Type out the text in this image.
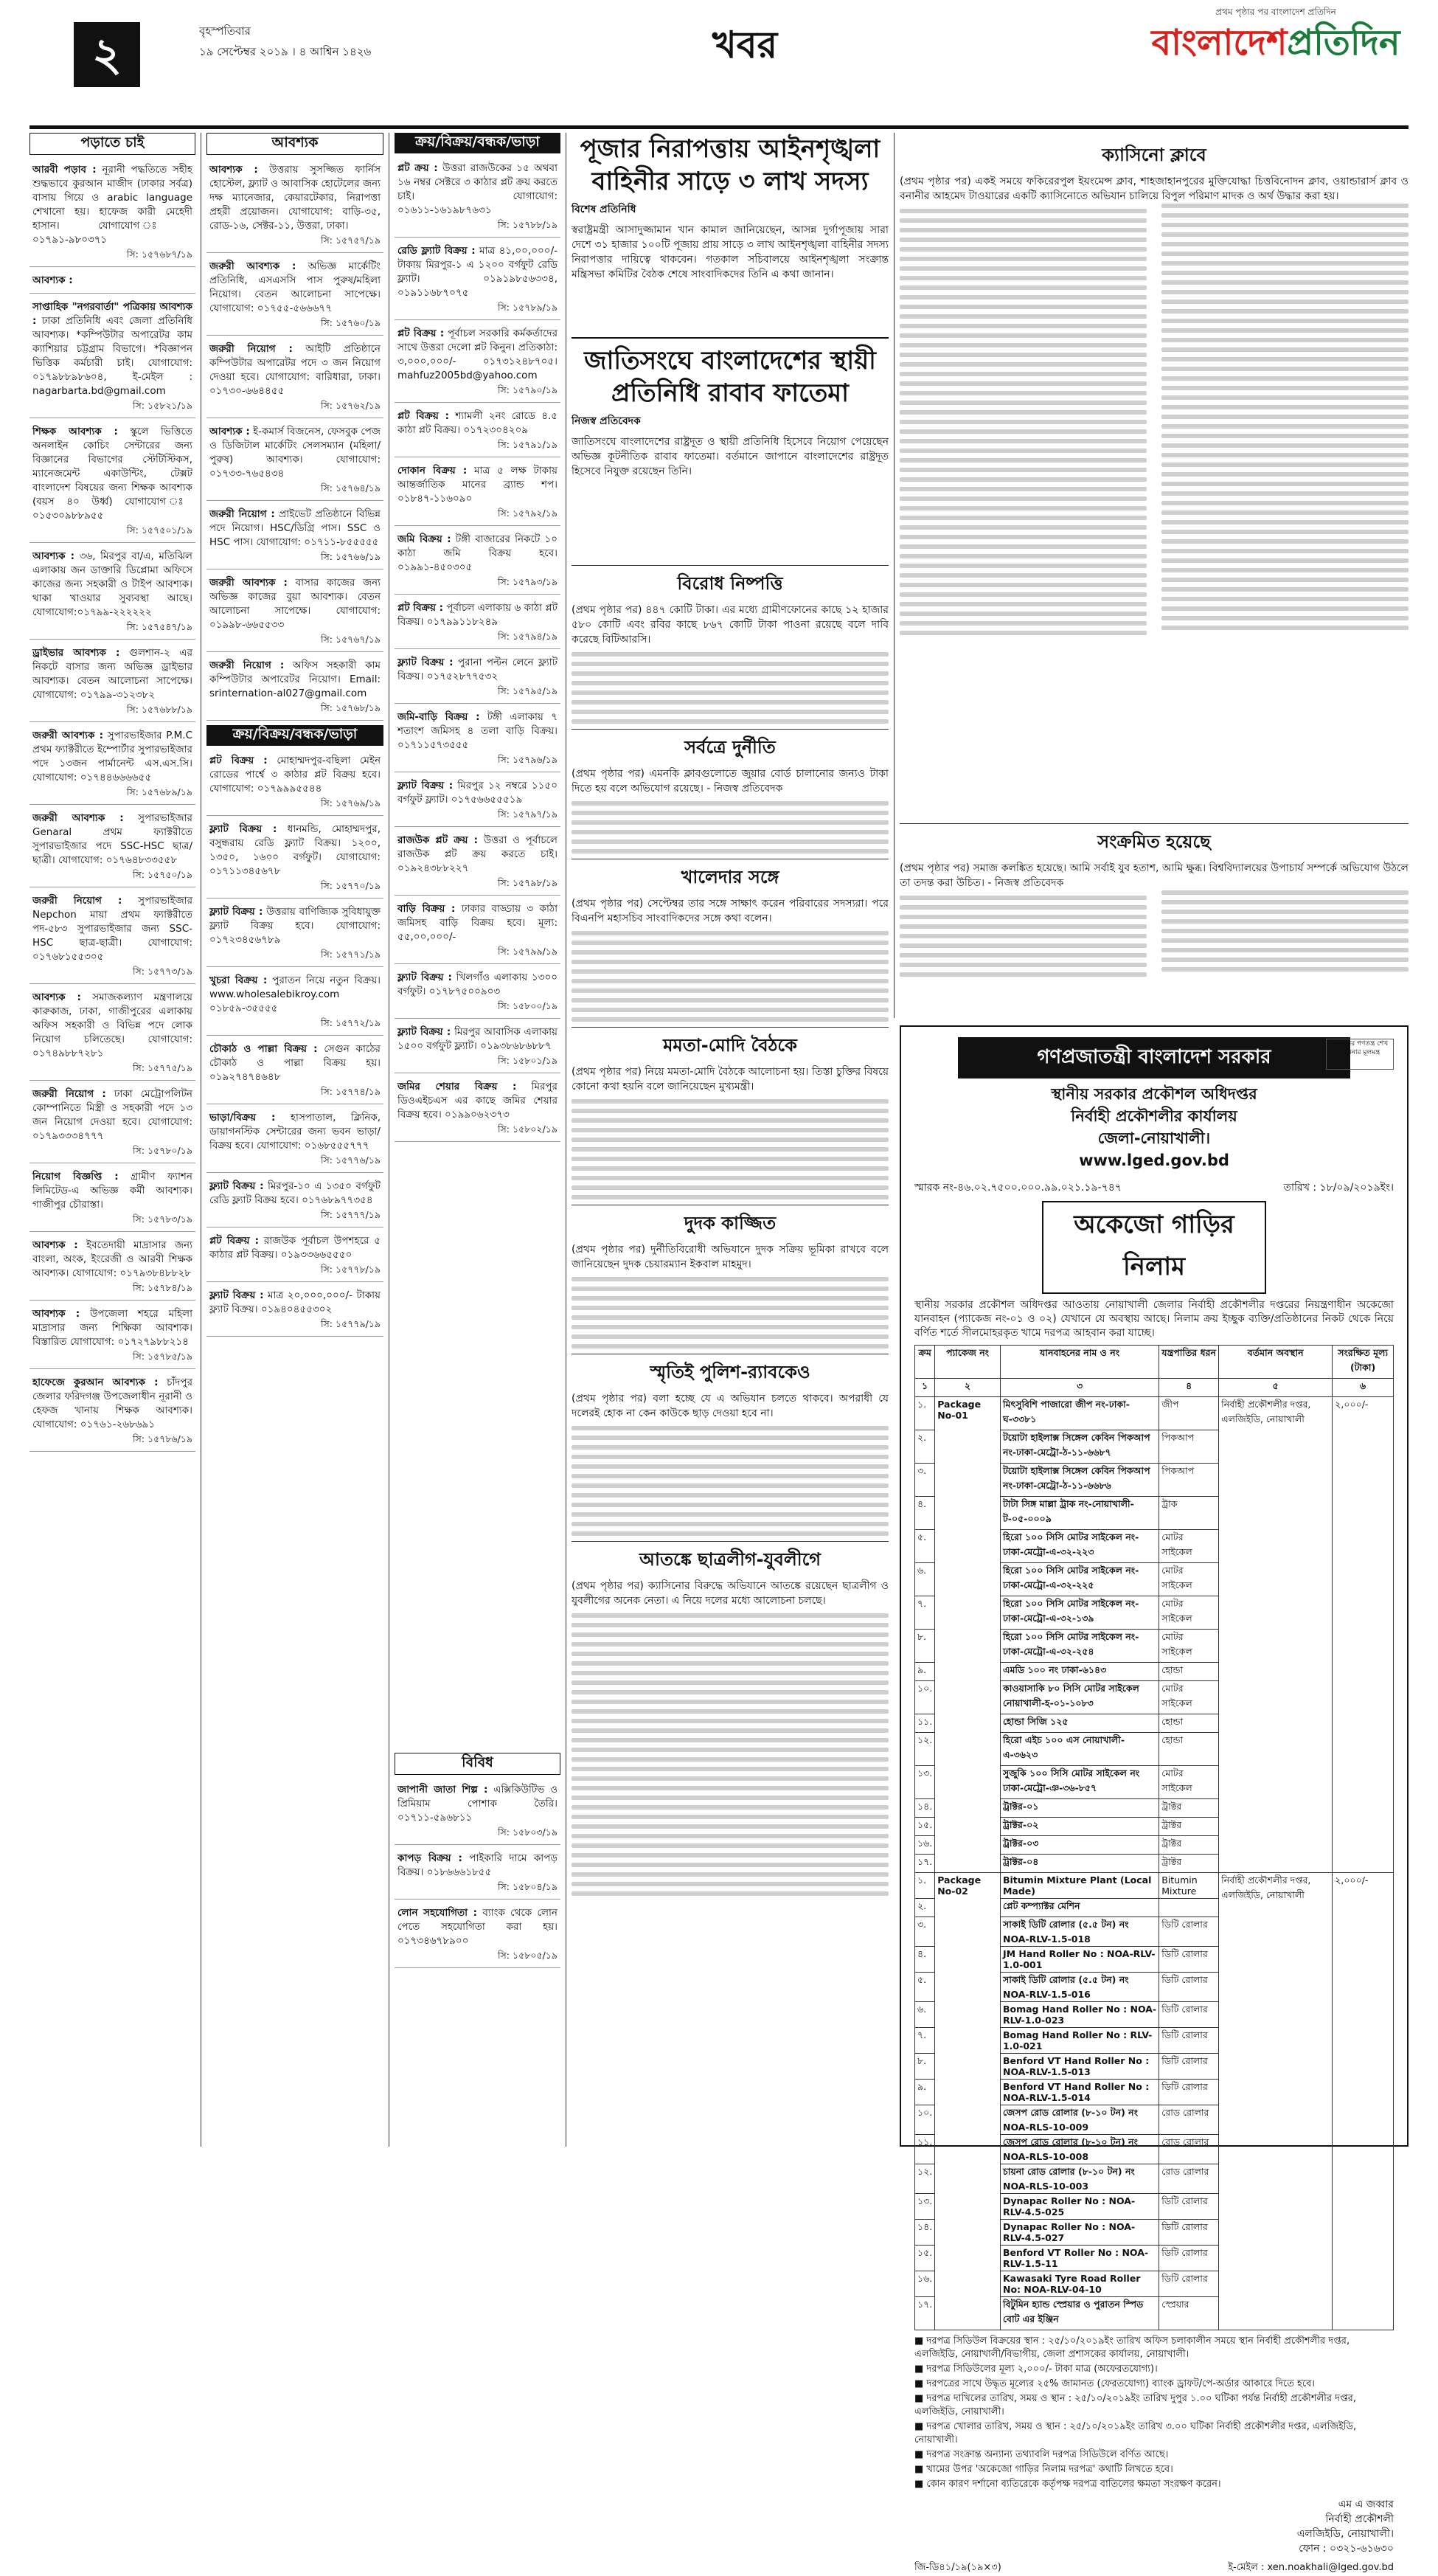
২	বৃহস্পতিবার
১৯ সেপ্টেম্বর ২০১৯ । ৪ আশ্বিন ১৪২৬	খবর
প্রথম পৃষ্ঠার পর বাংলাদেশ প্রতিদিন
বাংলাদেশপ্রতিদিন
পড়াতে চাই
আরবী পড়াব : নূরানী পদ্ধতিতে সহীহ শুদ্ধভাবে কুরআন মাজীদ (ঢাকার সর্বত্র) বাসায় গিয়ে ও arabic language শেখানো হয়। হাফেজ কারী মেহেদী হাসান। যোগাযোগ ঃ ০১৭৯১-৯৮০৩৭১
সি: ১৫৭৬৮৭/১৯
আবশ্যক :
সাপ্তাহিক "নগরবার্তা" পত্রিকায় আবশ্যক : ঢাকা প্রতিনিধি এবং জেলা প্রতিনিধি আবশ্যক। *কম্পিউটার অপারেটর কাম ক্যাশিয়ার চট্টগ্রাম বিভাগে। *বিজ্ঞাপন ভিত্তিক কর্মচারী চাই। যোগাযোগ: ০১৭৯৮৮৯৮৬০৪, ই-মেইল : nagarbarta.bd@gmail.com
সি: ১৫৮২১/১৯
শিক্ষক আবশ্যক : স্কুলে ভিত্তিতে অনলাইন কোচিং সেন্টারের জন্য বিজ্ঞানের বিভাগের স্টেটিস্টিকস, ম্যানেজমেন্ট একাউন্টিং, টেক্সট বাংলাদেশ বিষয়ের জন্য শিক্ষক আবশ্যক (বয়স ৪০ উর্ধ্ব) যোগাযোগ ঃ ০১৫৩০৯৮৮৯৫৫
সি: ১৫৭৫০১/১৯
আবশ্যক : ৩৬, মিরপুর বা/এ, মতিঝিল এলাকায় জন ডাক্তারি ডিপ্লোমা অফিসে কাজের জন্য সহকারী ও টাইপ আবশ্যক। থাকা খাওয়ার সুব্যবস্থা আছে। যোগাযোগ:০১৭৯৯-২২২২২২
সি: ১৫৭৫৪৭/১৯
ড্রাইভার আবশ্যক : গুলশান-২ এর নিকটে বাসার জন্য অভিজ্ঞ ড্রাইভার আবশ্যক। বেতন আলোচনা সাপেক্ষে। যোগাযোগ: ০১৭৯৯-৩১২৩৮২
সি: ১৫৭৬৮৮/১৯
জরুরী আবশ্যক : সুপারভাইজার P.M.C প্রথম ফ্যাক্টরীতে ইম্পোর্টার সুপারভাইজার পদে ১৩জন পার্মানেন্ট এস.এস.সি। যোগাযোগ: ০১৭৪৪৬৬৬৬৫৫
সি: ১৫৭৬৮৯/১৯
জরুরী আবশ্যক : সুপারভাইজার Genaral প্রথম ফ্যাক্টরীতে সুপারভাইজার পদে SSC-HSC ছাত্র/ছাত্রী। যোগাযোগ: ০১৭৬৪৮৩৩৫৫৮
সি: ১৫৭৫০/১৯
জরুরী নিয়োগ : সুপারভাইজার Nepchon মায়া প্রথম ফ্যাক্টরীতে পদ-৫৮৩ সুপারভাইজার জন্য SSC-HSC ছাত্র-ছাত্রী। যোগাযোগ: ০১৭৬৮১৫৫৩০৫
সি: ১৫৭৭৩/১৯
আবশ্যক : সমাজকল্যাণ মন্ত্রণালয়ে কারুকাজ, ঢাকা, গাজীপুরের এলাকায় অফিস সহকারী ও বিভিন্ন পদে লোক নিয়োগ চলিতেছে। যোগাযোগ: ০১৭৪৯৮৮৭২৮১
সি: ১৫৭৭৫/১৯
জরুরী নিয়োগ : ঢাকা মেট্রোপলিটন কোম্পানিতে মিস্ত্রী ও সহকারী পদে ১৩ জন নিয়োগ দেওয়া হবে। যোগাযোগ: ০১৭৯৩৩৩৪৭৭৭
সি: ১৫৭৮০/১৯
নিয়োগ বিজ্ঞপ্তি : গ্রামীণ ফ্যাশন লিমিটেড-এ অভিজ্ঞ কর্মী আবশ্যক। গাজীপুর চৌরাস্তা।
সি: ১৫৭৮৩/১৯
আবশ্যক : ইবতেদায়ী মাদ্রাসার জন্য বাংলা, অংক, ইংরেজী ও আরবী শিক্ষক আবশ্যক। যোগাযোগ: ০১৭৯৩৮৪৮৮২৮
সি: ১৫৭৮৪/১৯
আবশ্যক : উপজেলা শহরে মহিলা মাদ্রাসার জন্য শিক্ষিকা আবশ্যক। বিস্তারিত যোগাযোগ: ০১৭২৭৯৮৮২১৪
সি: ১৫৭৮৫/১৯
হাফেজে কুরআন আবশ্যক : চাঁদপুর জেলার ফরিদগঞ্জ উপজেলাধীন নূরানী ও হেফজ খানায় শিক্ষক আবশ্যক। যোগাযোগ: ০১৭৬১-২৬৮৬৯১
সি: ১৫৭৮৬/১৯
আবশ্যক
আবশ্যক : উত্তরায় সুসজ্জিত ফার্নিস হোস্টেল, ফ্ল্যাট ও আবাসিক হোটেলের জন্য দক্ষ ম্যানেজার, কেয়ারটেকার, নিরাপত্তা প্রহরী প্রয়োজন। যোগাযোগ: বাড়ি-৩৫, রোড-১৬, সেক্টর-১১, উত্তরা, ঢাকা।
সি: ১৫৭৫৭/১৯
জরুরী আবশ্যক : অভিজ্ঞ মার্কেটিং প্রতিনিধি, এসএসসি পাস পুরুষ/মহিলা নিয়োগ। বেতন আলোচনা সাপেক্ষে। যোগাযোগ: ০১৭৫৫-৫৬৬৬৭৭
সি: ১৫৭৬০/১৯
জরুরী নিয়োগ : আইটি প্রতিষ্ঠানে কম্পিউটার অপারেটর পদে ৩ জন নিয়োগ দেওয়া হবে। যোগাযোগ: বারিধারা, ঢাকা। ০১৭৩০-৬৬৪৪৫৫
সি: ১৫৭৬২/১৯
আবশ্যক : ই-কমার্স বিজনেস, ফেসবুক পেজ ও ডিজিটাল মার্কেটিং সেলসম্যান (মহিলা/পুরুষ) আবশ্যক। যোগাযোগ: ০১৭৩৩-৭৬৫৪৩৪
সি: ১৫৭৬৪/১৯
জরুরী নিয়োগ : প্রাইভেট প্রতিষ্ঠানে বিভিন্ন পদে নিয়োগ। HSC/ডিগ্রি পাস। SSC ও HSC পাস। যোগাযোগ: ০১৭১১-৮৫৫৫৫৫
সি: ১৫৭৬৬/১৯
জরুরী আবশ্যক : বাসার কাজের জন্য অভিজ্ঞ কাজের বুয়া আবশ্যক। বেতন আলোচনা সাপেক্ষে। যোগাযোগ: ০১৯৯৮-৬৬৫৫৩৩
সি: ১৫৭৬৭/১৯
জরুরী নিয়োগ : অফিস সহকারী কাম কম্পিউটার অপারেটর নিয়োগ। Email: srinternation-al027@gmail.com
সি: ১৫৭৬৮/১৯
ক্রয়/বিক্রয়/বন্ধক/ভাড়া
প্লট বিক্রয় : মোহাম্মদপুর-বছিলা মেইন রোডের পার্শ্বে ৩ কাঠার প্লট বিক্রয় হবে। যোগাযোগ: ০১৭৯৯৯৫৫৪৪
সি: ১৫৭৬৯/১৯
ফ্ল্যাট বিক্রয় : ধানমন্ডি, মোহাম্মদপুর, বসুন্ধরায় রেডি ফ্ল্যাট বিক্রয়। ১২০০, ১৩৫০, ১৬০০ বর্গফুট। যোগাযোগ: ০১৭১১৩৪৫৬৭৮
সি: ১৫৭৭০/১৯
ফ্ল্যাট বিক্রয় : উত্তরায় বাণিজ্যিক সুবিধাযুক্ত ফ্ল্যাট বিক্রয় হবে। যোগাযোগ: ০১৭২৩৪৫৬৭৮৯
সি: ১৫৭৭১/১৯
খুচরা বিক্রয় : পুরাতন নিয়ে নতুন বিক্রয়। www.wholesalebikroy.com ০১৮৫৯-৩৫৫৫৫
সি: ১৫৭৭২/১৯
চৌকাঠ ও পাল্লা বিক্রয় : সেগুন কাঠের চৌকাঠ ও পাল্লা বিক্রয় হয়। ০১৯২৭৪৭৪৬৪৮
সি: ১৫৭৭৪/১৯
ভাড়া/বিক্রয় : হাসপাতাল, ক্লিনিক, ডায়াগনস্টিক সেন্টারের জন্য ভবন ভাড়া/বিক্রয় হবে। যোগাযোগ: ০১৬৮৫৫৫৭৭৭
সি: ১৫৭৭৬/১৯
ফ্ল্যাট বিক্রয় : মিরপুর-১০ এ ১৩৫০ বর্গফুট রেডি ফ্ল্যাট বিক্রয় হবে। ০১৭৬৮৯৭৭৩৫৪
সি: ১৫৭৭৭/১৯
প্লট বিক্রয় : রাজউক পূর্বাচল উপশহরে ৫ কাঠার প্লট বিক্রয়। ০১৯৩৩৬৬৫৫৫০
সি: ১৫৭৭৮/১৯
ফ্ল্যাট বিক্রয় : মাত্র ২০,০০০,০০০/- টাকায় ফ্ল্যাট বিক্রয়। ০১৯৪০৪৫৫৩০২
সি: ১৫৭৭৯/১৯
ক্রয়/বিক্রয়/বন্ধক/ভাড়া
প্লট ক্রয় : উত্তরা রাজউকের ১৫ অথবা ১৬ নম্বর সেক্টরে ৩ কাঠার প্লট ক্রয় করতে চাই। যোগাযোগ: ০১৬১১-১৬১৯৮৭৬৩১
সি: ১৫৭৮৮/১৯
রেডি ফ্ল্যাট বিক্রয় : মাত্র ৪১,০০,০০০/- টাকায় মিরপুর-১ এ ১২০০ বর্গফুট রেডি ফ্ল্যাট। ০১৯১৯৮৫৬৩৩৪, ০১৯১১৬৮৭০৭৫
সি: ১৫৭৮৯/১৯
প্লট বিক্রয় : পূর্বাচল সরকারি কর্মকর্তাদের সাথে উত্তরা দেলো প্লট কিনুন। প্রতিকাঠা: ৩,০০০,০০০/- ০১৭৩১২৪৮৭০৫। mahfuz2005bd@yahoo.com
সি: ১৫৭৯০/১৯
প্লট বিক্রয় : শ্যামলী ২নং রোডে ৪.৫ কাঠা প্লট বিক্রয়। ০১৭২৩০৪২০৯
সি: ১৫৭৯১/১৯
দোকান বিক্রয় : মাত্র ৫ লক্ষ টাকায় আন্তর্জাতিক মানের ব্র্যান্ড শপ। ০১৮৪৭-১১৬০৯০
সি: ১৫৭৯২/১৯
জমি বিক্রয় : টঙ্গী বাজারের নিকটে ১০ কাঠা জমি বিক্রয় হবে। ০১৯৯১-৪৫০৩০৫
সি: ১৫৭৯৩/১৯
প্লট বিক্রয় : পূর্বাচল এলাকায় ৬ কাঠা প্লট বিক্রয়। ০১৭৯৯১১৮২৪৯
সি: ১৫৭৯৪/১৯
ফ্ল্যাট বিক্রয় : পুরানা পল্টন লেনে ফ্ল্যাট বিক্রয়। ০১৭৫২৮৭৭৫৩২
সি: ১৫৭৯৫/১৯
জমি-বাড়ি বিক্রয় : টঙ্গী এলাকায় ৭ শতাংশ জমিসহ ৪ তলা বাড়ি বিক্রয়। ০১৭১১৫৭৩৫৫৫
সি: ১৫৭৯৬/১৯
ফ্ল্যাট বিক্রয় : মিরপুর ১২ নম্বরে ১১৫০ বর্গফুট ফ্ল্যাট। ০১৭৫৬৬৫৫৫১৯
সি: ১৫৭৯৭/১৯
রাজউক প্লট ক্রয় : উত্তরা ও পূর্বাচলে রাজউক প্লট ক্রয় করতে চাই। ০১৯২৪৩৮৮২২৭
সি: ১৫৭৯৮/১৯
বাড়ি বিক্রয় : ঢাকার বাড্ডায় ৩ কাঠা জমিসহ বাড়ি বিক্রয় হবে। মূল্য: ৫৫,০০,০০০/-
সি: ১৫৭৯৯/১৯
ফ্ল্যাট বিক্রয় : খিলগাঁও এলাকায় ১৩০০ বর্গফুট। ০১৭৮৭৫০০৯০৩
সি: ১৫৮০০/১৯
ফ্ল্যাট বিক্রয় : মিরপুর আবাসিক এলাকায় ১৫০০ বর্গফুট ফ্ল্যাট। ০১৯৩৮৬৮৬৮৮৭
সি: ১৫৮০১/১৯
জমির শেয়ার বিক্রয় : মিরপুর ডিওএইচএস এর কাছে জমির শেয়ার বিক্রয় হবে। ০১৯৯০৬২৩৭৩
সি: ১৫৮০২/১৯
বিবিধ
জাপানী জাতা শিল্প : এক্সিকিউটিভ ও প্রিমিয়াম পোশাক তৈরি। ০১৭১১-৫৯৬৮১১
সি: ১৫৮০৩/১৯
কাপড় বিক্রয় : পাইকারি দামে কাপড় বিক্রয়। ০১৮৬৬৬১৮৫৫
সি: ১৫৮০৪/১৯
লোন সহযোগিতা : ব্যাংক থেকে লোন পেতে সহযোগিতা করা হয়। ০১৭৩৪৬৭৮৯০০
সি: ১৫৮০৫/১৯
পূজার নিরাপত্তায় আইনশৃঙ্খলা
বাহিনীর সাড়ে ৩ লাখ সদস্য
বিশেষ প্রতিনিধি
স্বরাষ্ট্রমন্ত্রী আসাদুজ্জামান খান কামাল জানিয়েছেন, আসন্ন দুর্গাপূজায় সারা দেশে ৩১ হাজার ১০০টি পূজায় প্রায় সাড়ে ৩ লাখ আইনশৃঙ্খলা বাহিনীর সদস্য নিরাপত্তার দায়িত্বে থাকবেন। গতকাল সচিবালয়ে আইনশৃঙ্খলা সংক্রান্ত মন্ত্রিসভা কমিটির বৈঠক শেষে সাংবাদিকদের তিনি এ কথা জানান।
জাতিসংঘে বাংলাদেশের স্থায়ী
প্রতিনিধি রাবাব ফাতেমা
নিজস্ব প্রতিবেদক
জাতিসংঘে বাংলাদেশের রাষ্ট্রদূত ও স্থায়ী প্রতিনিধি হিসেবে নিয়োগ পেয়েছেন অভিজ্ঞ কূটনীতিক রাবাব ফাতেমা। বর্তমানে জাপানে বাংলাদেশের রাষ্ট্রদূত হিসেবে নিযুক্ত রয়েছেন তিনি।
বিরোধ নিষ্পত্তি
(প্রথম পৃষ্ঠার পর) ৪৪৭ কোটি টাকা। এর মধ্যে গ্রামীণফোনের কাছে ১২ হাজার ৫৮০ কোটি এবং রবির কাছে ৮৬৭ কোটি টাকা পাওনা রয়েছে বলে দাবি করেছে বিটিআরসি।
সর্বত্রে দুর্নীতি
(প্রথম পৃষ্ঠার পর) এমনকি ক্লাবগুলোতে জুয়ার বোর্ড চালানোর জন্যও টাকা দিতে হয় বলে অভিযোগ রয়েছে। - নিজস্ব প্রতিবেদক
খালেদার সঙ্গে
(প্রথম পৃষ্ঠার পর) সেপ্টেম্বর তার সঙ্গে সাক্ষাৎ করেন পরিবারের সদস্যরা। পরে বিএনপি মহাসচিব সাংবাদিকদের সঙ্গে কথা বলেন।
মমতা-মোদি বৈঠকে
(প্রথম পৃষ্ঠার পর) নিয়ে মমতা-মোদি বৈঠকে আলোচনা হয়। তিস্তা চুক্তির বিষয়ে কোনো কথা হয়নি বলে জানিয়েছেন মুখ্যমন্ত্রী।
দুদক কাজ্জিত
(প্রথম পৃষ্ঠার পর) দুর্নীতিবিরোধী অভিযানে দুদক সক্রিয় ভূমিকা রাখবে বলে জানিয়েছেন দুদক চেয়ারম্যান ইকবাল মাহমুদ।
স্মৃতিই পুলিশ-র‍্যাবকেও
(প্রথম পৃষ্ঠার পর) বলা হচ্ছে যে এ অভিযান চলতে থাকবে। অপরাধী যে দলেরই হোক না কেন কাউকে ছাড় দেওয়া হবে না।
আতঙ্কে ছাত্রলীগ-যুবলীগে
(প্রথম পৃষ্ঠার পর) ক্যাসিনোর বিরুদ্ধে অভিযানে আতঙ্কে রয়েছেন ছাত্রলীগ ও যুবলীগের অনেক নেতা। এ নিয়ে দলের মধ্যে আলোচনা চলছে।
ক্যাসিনো ক্লাবে
(প্রথম পৃষ্ঠার পর) একই সময়ে ফকিরেরপুল ইয়ংমেন্স ক্লাব, শাহজাহানপুরের মুক্তিযোদ্ধা চিত্তবিনোদন ক্লাব, ওয়ান্ডারার্স ক্লাব ও বনানীর আহমেদ টাওয়ারের একটি ক্যাসিনোতে অভিযান চালিয়ে বিপুল পরিমাণ মাদক ও অর্থ উদ্ধার করা হয়।
সংক্রমিত হয়েছে
(প্রথম পৃষ্ঠার পর) সমাজ কলঙ্কিত হয়েছে। আমি সর্বাই যুব হতাশ, আমি ক্ষুব্ধ। বিশ্ববিদ্যালয়ের উপাচার্য সম্পর্কে অভিযোগ উঠলে তা তদন্ত করা উচিত। - নিজস্ব প্রতিবেদক
উন্নয়নের গণতন্ত্র শেখ হাসিনার মূলমন্ত্র
গণপ্রজাতন্ত্রী বাংলাদেশ সরকার
স্থানীয় সরকার প্রকৌশল অধিদপ্তর
নির্বাহী প্রকৌশলীর কার্যালয়
জেলা-নোয়াখালী।
www.lged.gov.bd
স্মারক নং-৪৬.০২.৭৫০০.০০০.৯৯.০২১.১৯-৭৪৭	তারিখ : ১৮/০৯/২০১৯ইং।
অকেজো গাড়ির নিলাম
স্থানীয় সরকার প্রকৌশল অধিদপ্তর আওতায় নোয়াখালী জেলার নির্বাহী প্রকৌশলীর দপ্তরের নিয়ন্ত্রণাধীন অকেজো যানবাহন (প্যাকেজ নং-০১ ও ০২) যেখানে যে অবস্থায় আছে। নিলাম ক্রয় ইচ্ছুক ব্যক্তি/প্রতিষ্ঠানের নিকট থেকে নিয়ে বর্ণিত শর্তে সীলমোহরকৃত খামে দরপত্র আহবান করা যাচ্ছে।
ক্রম	প্যাকেজ নং	যানবাহনের নাম ও নং	যন্ত্রপাতির ধরন	বর্তমান অবস্থান	সংরক্ষিত মূল্য (টাকা)
১	২	৩	৪	৫	৬
১.	Package No-01	মিৎসুবিশি পাজারো জীপ নং-ঢাকা-ঘ-৩৩৮১	জীপ	নির্বাহী প্রকৌশলীর দপ্তর, এলজিইডি, নোয়াখালী	২,০০০/-
২.		টয়োটা হাইলাক্স সিঙ্গেল কেবিন পিকআপ নং-ঢাকা-মেট্রো-ঠ-১১-৬৬৮৭	পিকআপ		
৩.		টয়োটা হাইলাক্স সিঙ্গেল কেবিন পিকআপ নং-ঢাকা-মেট্রো-ঠ-১১-৬৬৮৬	পিকআপ		
৪.		টাটা সিঙ্গ মাল্লা ট্রাক নং-নোয়াখালী-ট-০৫-০০০৯	ট্রাক		
৫.		হিরো ১০০ সিসি মোটর সাইকেল নং-ঢাকা-মেট্রো-এ-৩২-২২৩	মোটর সাইকেল		
৬.		হিরো ১০০ সিসি মোটর সাইকেল নং-ঢাকা-মেট্রো-এ-৩২-২২৫	মোটর সাইকেল		
৭.		হিরো ১০০ সিসি মোটর সাইকেল নং-ঢাকা-মেট্রো-এ-৩২-১৩৯	মোটর সাইকেল		
৮.		হিরো ১০০ সিসি মোটর সাইকেল নং-ঢাকা-মেট্রো-এ-৩২-২৫৪	মোটর সাইকেল		
৯.		এমডি ১০০ নং ঢাকা-৬১৪৩	হোন্ডা		
১০.		কাওয়াসাকি ৮০ সিসি মোটর সাইকেল নোয়াখালী-হ-০১-১০৮৩	মোটর সাইকেল		
১১.		হোন্ডা সিজি ১২৫	হোন্ডা		
১২.		হিরো এইচ ১০০ এস নোয়াখালী-এ-৩৬২৩	হোন্ডা		
১৩.		সুজুকি ১০০ সিসি মোটর সাইকেল নং ঢাকা-মেট্রো-ঞ-৩৬-৮৫৭	মোটর সাইকেল		
১৪.		ট্রাক্টর-০১	ট্রাক্টর		
১৫.		ট্রাক্টর-০২	ট্রাক্টর		
১৬.		ট্রাক্টর-০৩	ট্রাক্টর		
১৭.		ট্রাক্টর-০৪	ট্রাক্টর		
১.	Package No-02	Bitumin Mixture Plant (Local Made)	Bitumin Mixture	নির্বাহী প্রকৌশলীর দপ্তর, এলজিইডি, নোয়াখালী	২,০০০/-
২.		প্লেট কম্প্যাক্টর মেশিন			
৩.		সাকাই ডিটি রোলার (৫.৫ টন) নং NOA-RLV-1.5-018	ডিটি রোলার		
৪.		JM Hand Roller No : NOA-RLV-1.0-001	ডিটি রোলার		
৫.		সাকাই ডিটি রোলার (৫.৫ টন) নং NOA-RLV-1.5-016	ডিটি রোলার		
৬.		Bomag Hand Roller No : NOA-RLV-1.0-023	ডিটি রোলার		
৭.		Bomag Hand Roller No : RLV-1.0-021	ডিটি রোলার		
৮.		Benford VT Hand Roller No : NOA-RLV-1.5-013	ডিটি রোলার		
৯.		Benford VT Hand Roller No : NOA-RLV-1.5-014	ডিটি রোলার		
১০.		জেসপ রোড রোলার (৮-১০ টন) নং NOA-RLS-10-009	রোড রোলার		
১১.		জেসপ রোড রোলার (৮-১০ টন) নং NOA-RLS-10-008	রোড রোলার		
১২.		চায়না রোড রোলার (৮-১০ টন) নং NOA-RLS-10-003	রোড রোলার		
১৩.		Dynapac Roller No : NOA-RLV-4.5-025	ডিটি রোলার		
১৪.		Dynapac Roller No : NOA-RLV-4.5-027	ডিটি রোলার		
১৫.		Benford VT Roller No : NOA-RLV-1.5-11	ডিটি রোলার		
১৬.		Kawasaki Tyre Road Roller No: NOA-RLV-04-10	ডিটি রোলার		
১৭.		বিটুমিন হ্যান্ড স্প্রেয়ার ও পুরাতন স্পিড বোট এর ইঞ্জিন	স্প্রেয়ার		
■ দরপত্র সিডিউল বিক্রয়ের স্থান : ২৫/১০/২০১৯ইং তারিখ অফিস চলাকালীন সময়ে স্থান নির্বাহী প্রকৌশলীর দপ্তর, এলজিইডি, নোয়াখালী/বিভাগীয়, জেলা প্রশাসকের কার্যালয়, নোয়াখালী।
■ দরপত্র সিডিউলের মূল্য ২,০০০/- টাকা মাত্র (অফেরতযোগ্য)।
■ দরপত্রের সাথে উদ্ধৃত মূল্যের ২৫% জামানত (ফেরতযোগ্য) ব্যাংক ড্রাফট/পে-অর্ডার আকারে দিতে হবে।
■ দরপত্র দাখিলের তারিখ, সময় ও স্থান : ২৫/১০/২০১৯ইং তারিখ দুপুর ১.০০ ঘটিকা পর্যন্ত নির্বাহী প্রকৌশলীর দপ্তর, এলজিইডি, নোয়াখালী।
■ দরপত্র খোলার তারিখ, সময় ও স্থান : ২৫/১০/২০১৯ইং তারিখ ৩.০০ ঘটিকা নির্বাহী প্রকৌশলীর দপ্তর, এলজিইডি, নোয়াখালী।
■ দরপত্র সংক্রান্ত অন্যান্য তথ্যাবলি দরপত্র সিডিউলে বর্ণিত আছে।
■ খামের উপর 'অকেজো গাড়ির নিলাম দরপত্র' কথাটি লিখতে হবে।
■ কোন কারণ দর্শানো ব্যতিরেকে কর্তৃপক্ষ দরপত্র বাতিলের ক্ষমতা সংরক্ষণ করেন।
এম এ জব্বার
নির্বাহী প্রকৌশলী
এলজিইডি, নোয়াখালী।
ফোন : ০৩২১-৬১৬৩০
জি-ডি৪১/১৯(১৯×৩)	ই-মেইল : xen.noakhali@lged.gov.bd
